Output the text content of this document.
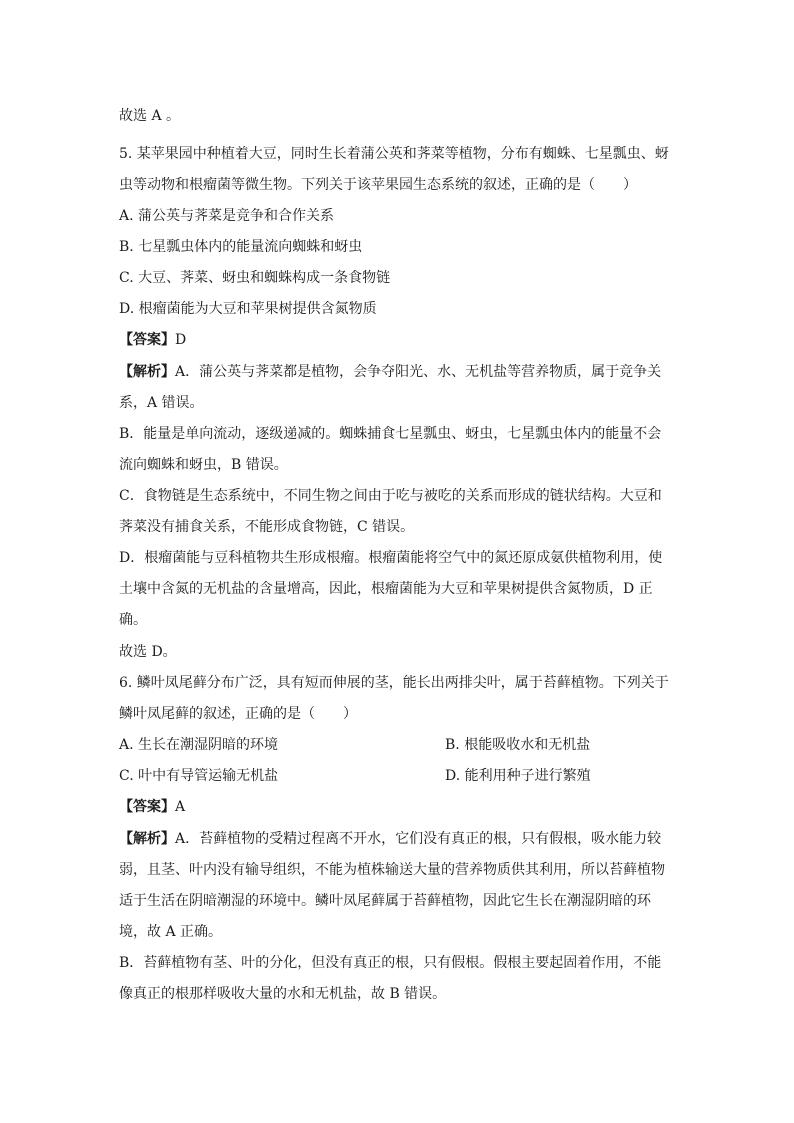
故选 A 。
5. 某苹果园中种植着大豆，同时生长着蒲公英和荠菜等植物，分布有蜘蛛、七星瓢虫、蚜
虫等动物和根瘤菌等微生物。下列关于该苹果园生态系统的叙述，正确的是（　　）
A. 蒲公英与荠菜是竞争和合作关系
B. 七星瓢虫体内的能量流向蜘蛛和蚜虫
C. 大豆、荠菜、蚜虫和蜘蛛构成一条食物链
D. 根瘤菌能为大豆和苹果树提供含氮物质
【答案】D
【解析】A．蒲公英与荠菜都是植物，会争夺阳光、水、无机盐等营养物质，属于竞争关
系，A 错误。
B．能量是单向流动，逐级递减的。蜘蛛捕食七星瓢虫、蚜虫，七星瓢虫体内的能量不会
流向蜘蛛和蚜虫，B 错误。
C．食物链是生态系统中，不同生物之间由于吃与被吃的关系而形成的链状结构。大豆和
荠菜没有捕食关系，不能形成食物链，C 错误。
D．根瘤菌能与豆科植物共生形成根瘤。根瘤菌能将空气中的氮还原成氨供植物利用，使
土壤中含氮的无机盐的含量增高，因此，根瘤菌能为大豆和苹果树提供含氮物质，D 正
确。
故选 D。
6. 鳞叶凤尾藓分布广泛，具有短而伸展的茎，能长出两排尖叶，属于苔藓植物。下列关于
鳞叶凤尾藓的叙述，正确的是（　　）
A. 生长在潮湿阴暗的环境	B. 根能吸收水和无机盐
C. 叶中有导管运输无机盐	D. 能利用种子进行繁殖
【答案】A
【解析】A．苔藓植物的受精过程离不开水，它们没有真正的根，只有假根，吸水能力较
弱，且茎、叶内没有输导组织，不能为植株输送大量的营养物质供其利用，所以苔藓植物
适于生活在阴暗潮湿的环境中。鳞叶凤尾藓属于苔藓植物，因此它生长在潮湿阴暗的环
境，故 A 正确。
B．苔藓植物有茎、叶的分化，但没有真正的根，只有假根。假根主要起固着作用，不能
像真正的根那样吸收大量的水和无机盐，故 B 错误。
